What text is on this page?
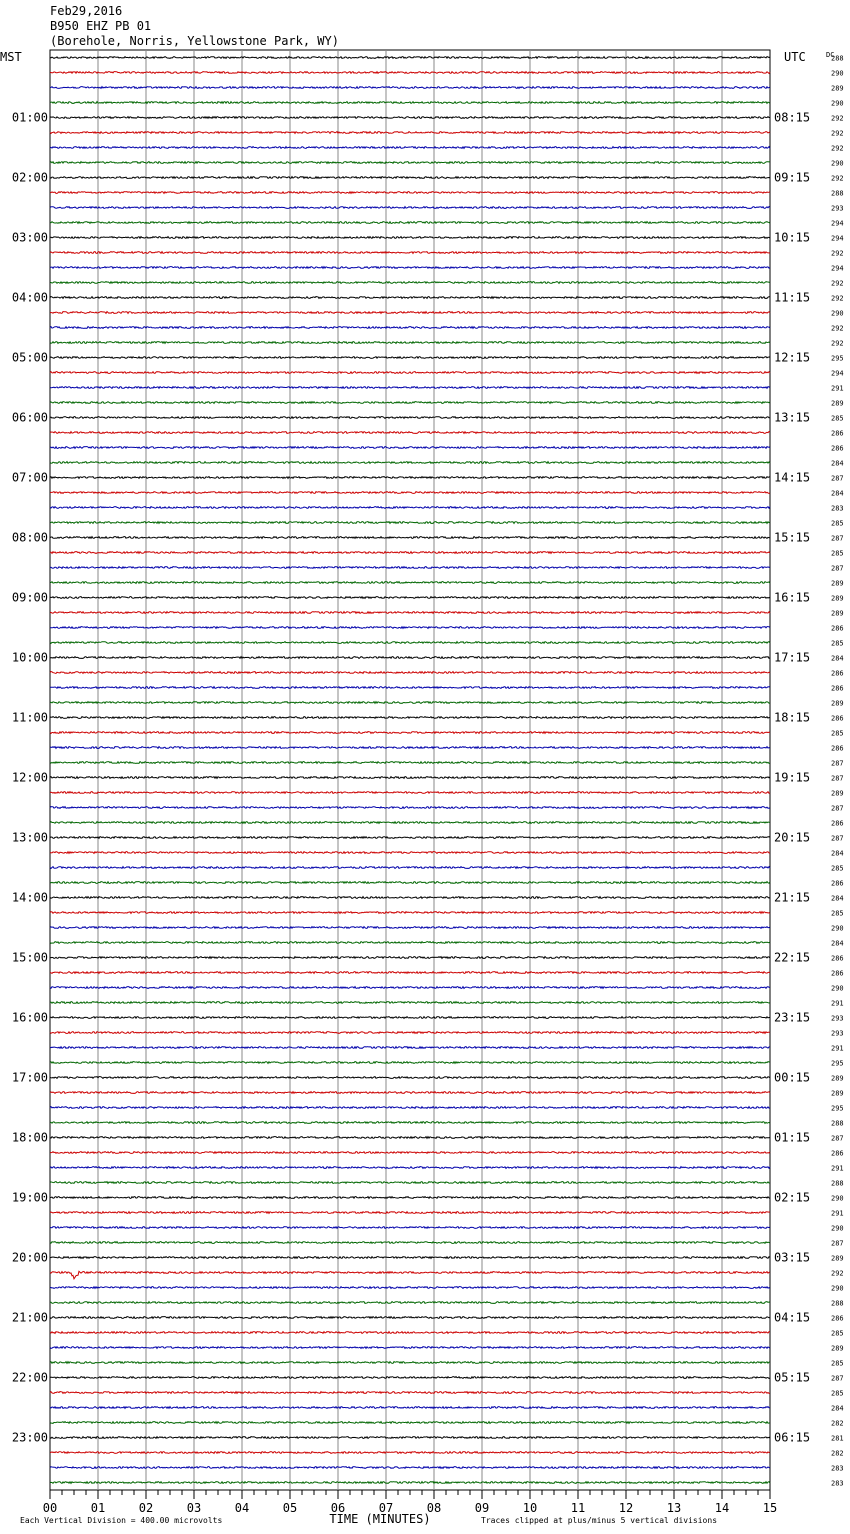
Feb29,2016
B950 EHZ PB 01
(Borehole, Norris, Yellowstone Park, WY)
288
290
289
290
292
292
292
290
292
288
293
294
294
292
294
292
292
290
292
292
295
294
291
289
285
286
286
284
287
284
283
285
287
285
287
289
289
289
286
285
284
286
286
289
286
285
286
287
287
289
287
286
287
284
285
286
284
285
290
284
286
286
290
291
293
293
291
295
289
289
295
288
287
286
291
288
290
291
290
287
289
292
290
288
286
285
289
285
287
285
284
282
281
282
283
283
MST	UTC	DC
01:00	08:15
02:00	09:15
03:00	10:15
04:00	11:15
05:00	12:15
06:00	13:15
07:00	14:15
08:00	15:15
09:00	16:15
10:00	17:15
11:00	18:15
12:00	19:15
13:00	20:15
14:00	21:15
15:00	22:15
16:00	23:15
17:00	00:15
18:00	01:15
19:00	02:15
20:00	03:15
21:00	04:15
22:00	05:15
23:00	06:15
00	01	02	03	04	05	06	07	08	09	10	11	12	13	14	15
TIME (MINUTES)
Each Vertical Division = 400.00 microvolts	Traces clipped at plus/minus 5 vertical divisions
